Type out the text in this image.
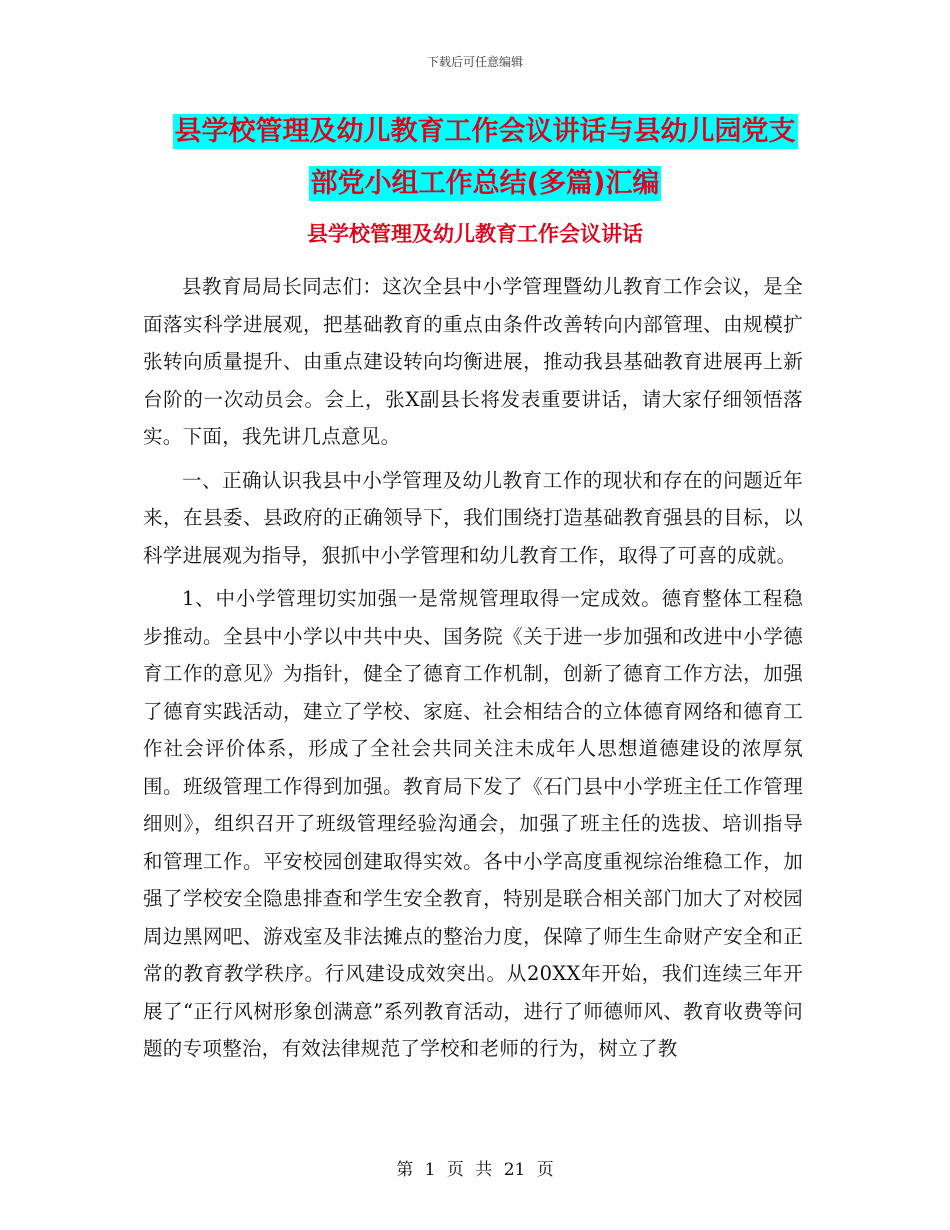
下载后可任意编辑
县学校管理及幼儿教育工作会议讲话与县幼儿园党支
部党小组工作总结(多篇)汇编
县学校管理及幼儿教育工作会议讲话

县教育局局长同志们：这次全县中小学管理暨幼儿教育工作会议，是全面落实科学进展观，把基础教育的重点由条件改善转向内部管理、由规模扩张转向质量提升、由重点建设转向均衡进展，推动我县基础教育进展再上新台阶的一次动员会。会上，张X副县长将发表重要讲话，请大家仔细领悟落实。下面，我先讲几点意见。

一、正确认识我县中小学管理及幼儿教育工作的现状和存在的问题近年来，在县委、县政府的正确领导下，我们围绕打造基础教育强县的目标，以科学进展观为指导，狠抓中小学管理和幼儿教育工作，取得了可喜的成就。

1、中小学管理切实加强一是常规管理取得一定成效。德育整体工程稳步推动。全县中小学以中共中央、国务院《关于进一步加强和改进中小学德育工作的意见》为指针，健全了德育工作机制，创新了德育工作方法，加强了德育实践活动，建立了学校、家庭、社会相结合的立体德育网络和德育工作社会评价体系，形成了全社会共同关注未成年人思想道德建设的浓厚氛围。班级管理工作得到加强。教育局下发了《石门县中小学班主任工作管理细则》，组织召开了班级管理经验沟通会，加强了班主任的选拔、培训指导和管理工作。平安校园创建取得实效。各中小学高度重视综治维稳工作，加强了学校安全隐患排查和学生安全教育，特别是联合相关部门加大了对校园周边黑网吧、游戏室及非法摊点的整治力度，保障了师生生命财产安全和正常的教育教学秩序。行风建设成效突出。从20XX年开始，我们连续三年开展了“正行风树形象创满意”系列教育活动，进行了师德师风、教育收费等问题的专项整治，有效法律规范了学校和老师的行为，树立了教

第 1 页 共 21 页
